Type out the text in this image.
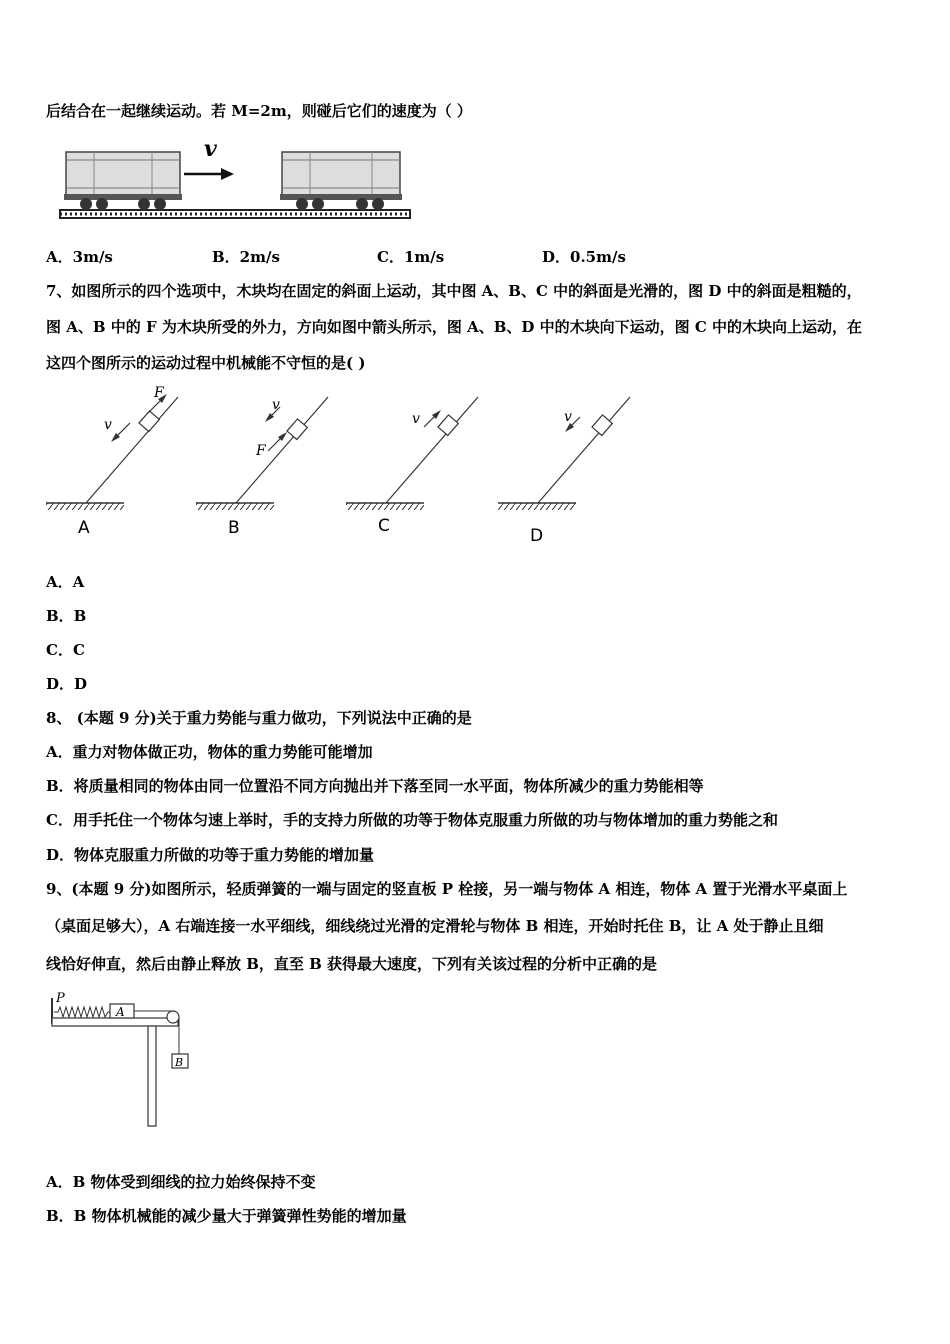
后结合在一起继续运动。若 M=2m，则碰后它们的速度为（ ）
v
A．3m/s	B．2m/s	C．1m/s	D．0.5m/s
7、如图所示的四个选项中，木块均在固定的斜面上运动，其中图 A、B、C 中的斜面是光滑的，图 D 中的斜面是粗糙的，
图 A、B 中的 F 为木块所受的外力，方向如图中箭头所示，图 A、B、D 中的木块向下运动，图 C 中的木块向上运动，在
这四个图所示的运动过程中机械能不守恒的是( )
F
v
A
v
F
B
v
C
v
D
A．A
B．B
C．C
D．D
8、 (本题 9 分)关于重力势能与重力做功，下列说法中正确的是
A．重力对物体做正功，物体的重力势能可能增加
B．将质量相同的物体由同一位置沿不同方向抛出并下落至同一水平面，物体所减少的重力势能相等
C．用手托住一个物体匀速上举时，手的支持力所做的功等于物体克服重力所做的功与物体增加的重力势能之和
D．物体克服重力所做的功等于重力势能的增加量
9、(本题 9 分)如图所示，轻质弹簧的一端与固定的竖直板 P 栓接，另一端与物体 A 相连，物体 A 置于光滑水平桌面上
（桌面足够大），A 右端连接一水平细线，细线绕过光滑的定滑轮与物体 B 相连，开始时托住 B，让 A 处于静止且细
线恰好伸直，然后由静止释放 B，直至 B 获得最大速度，下列有关该过程的分析中正确的是
P
A
B
A．B 物体受到细线的拉力始终保持不变
B．B 物体机械能的减少量大于弹簧弹性势能的增加量
